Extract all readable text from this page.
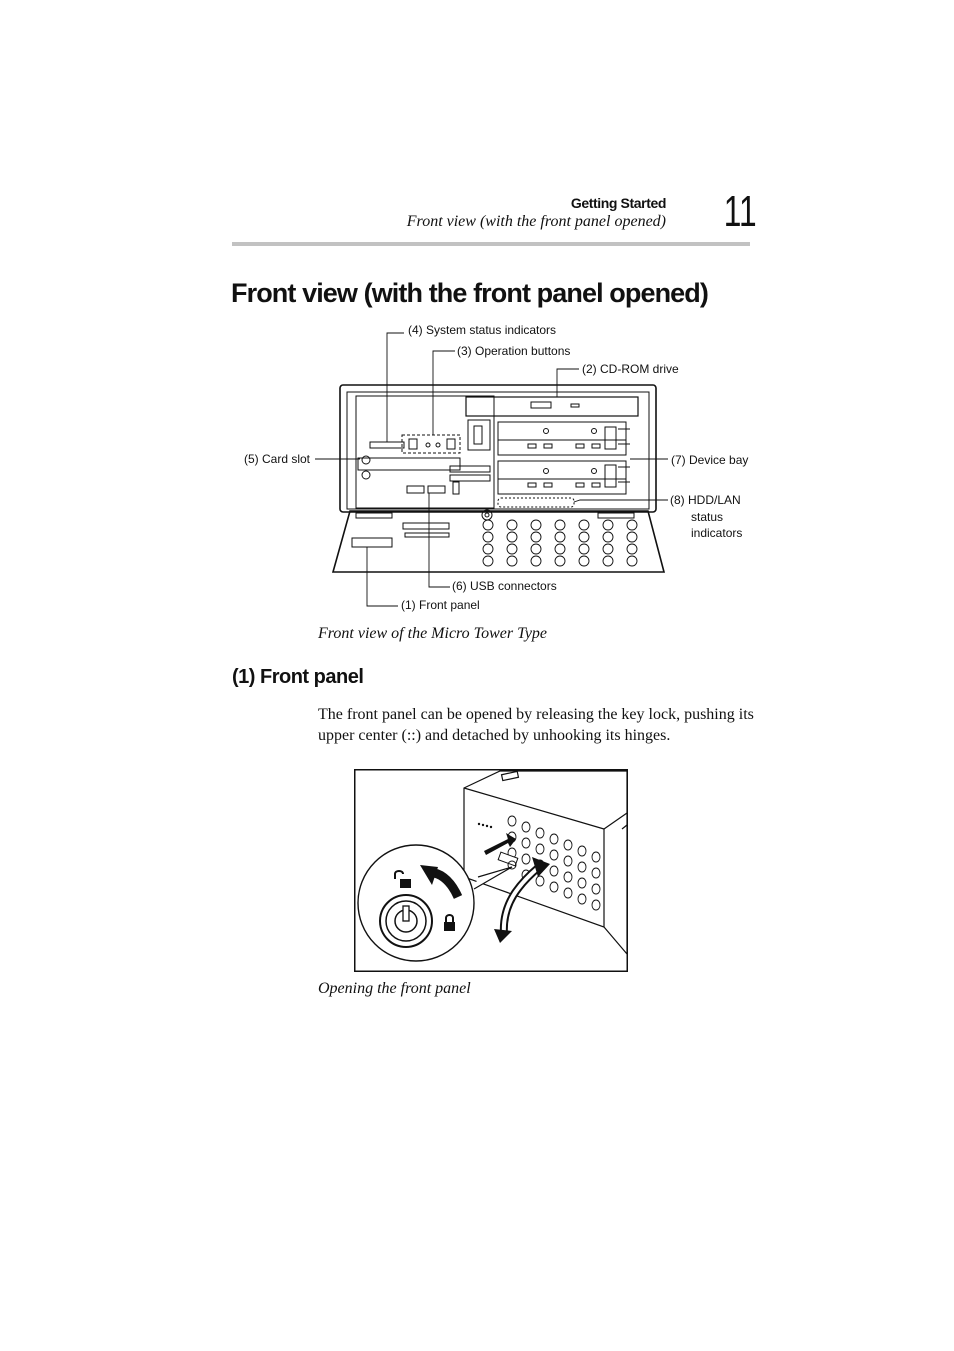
Getting Started
Front view (with the front panel opened) 11
Front view (with the front panel opened)
(4) System status indicators
(3) Operation buttons
(2) CD-ROM drive
(5) Card slot	(7) Device bay
(8) HDD/LAN
status
indicators
(6) USB connectors
(1) Front panel
Front view of the Micro Tower Type
(1) Front panel
The front panel can be opened by releasing the key lock, pushing its upper center (::) and detached by unhooking its hinges.
Opening the front panel
